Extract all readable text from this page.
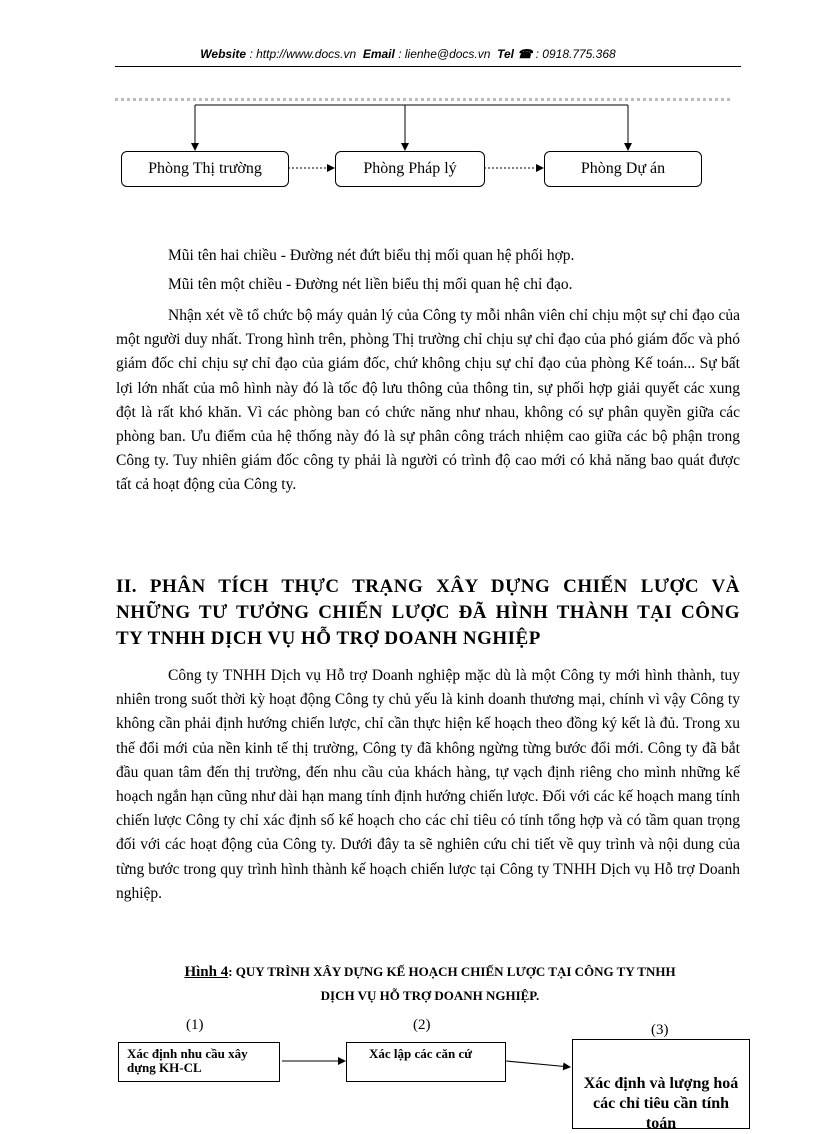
Website : http://www.docs.vn Email : lienhe@docs.vn Tel ☎ : 0918.775.368
Phòng Thị trường	Phòng Pháp lý	Phòng Dự án
Mũi tên hai chiều - Đường nét đứt biểu thị mối quan hệ phối hợp.
Mũi tên một chiều - Đường nét liền biểu thị mối quan hệ chỉ đạo.

Nhận xét về tổ chức bộ máy quản lý của Công ty mỗi nhân viên chỉ chịu một sự chỉ đạo của một người duy nhất. Trong hình trên, phòng Thị trường chỉ chịu sự chỉ đạo của phó giám đốc và phó giám đốc chỉ chịu sự chỉ đạo của giám đốc, chứ không chịu sự chỉ đạo của phòng Kế toán... Sự bất lợi lớn nhất của mô hình này đó là tốc độ lưu thông của thông tin, sự phối hợp giải quyết các xung đột là rất khó khăn. Vì các phòng ban có chức năng như nhau, không có sự phân quyền giữa các phòng ban. Ưu điểm của hệ thống này đó là sự phân công trách nhiệm cao giữa các bộ phận trong Công ty. Tuy nhiên giám đốc công ty phải là người có trình độ cao mới có khả năng bao quát được tất cả hoạt động của Công ty.

II. PHÂN TÍCH THỰC TRẠNG XÂY DỰNG CHIẾN LƯỢC VÀ NHỮNG TƯ TƯỞNG CHIẾN LƯỢC ĐÃ HÌNH THÀNH TẠI CÔNG TY TNHH DỊCH VỤ HỖ TRỢ DOANH NGHIỆP

Công ty TNHH Dịch vụ Hỗ trợ Doanh nghiệp mặc dù là một Công ty mới hình thành, tuy nhiên trong suốt thời kỳ hoạt động Công ty chủ yếu là kinh doanh thương mại, chính vì vậy Công ty không cần phải định hướng chiến lược, chỉ cần thực hiện kế hoạch theo đồng ký kết là đủ. Trong xu thế đổi mới của nền kinh tế thị trường, Công ty đã không ngừng từng bước đổi mới. Công ty đã bắt đầu quan tâm đến thị trường, đến nhu cầu của khách hàng, tự vạch định riêng cho mình những kế hoạch ngắn hạn cũng như dài hạn mang tính định hướng chiến lược. Đối với các kế hoạch mang tính chiến lược Công ty chỉ xác định số kế hoạch cho các chỉ tiêu có tính tổng hợp và có tầm quan trọng đối với các hoạt động của Công ty. Dưới đây ta sẽ nghiên cứu chi tiết về quy trình và nội dung của từng bước trong quy trình hình thành kế hoạch chiến lược tại Công ty TNHH Dịch vụ Hỗ trợ Doanh nghiệp.

Hình 4: QUY TRÌNH XÂY DỰNG KẾ HOẠCH CHIẾN LƯỢC TẠI CÔNG TY TNHH
DỊCH VỤ HỖ TRỢ DOANH NGHIỆP.
(1)	(2)	(3)
Xác định nhu cầu xây dựng KH-CL
Xác lập các căn cứ
Xác định và lượng hoá các chỉ tiêu cần tính toán
